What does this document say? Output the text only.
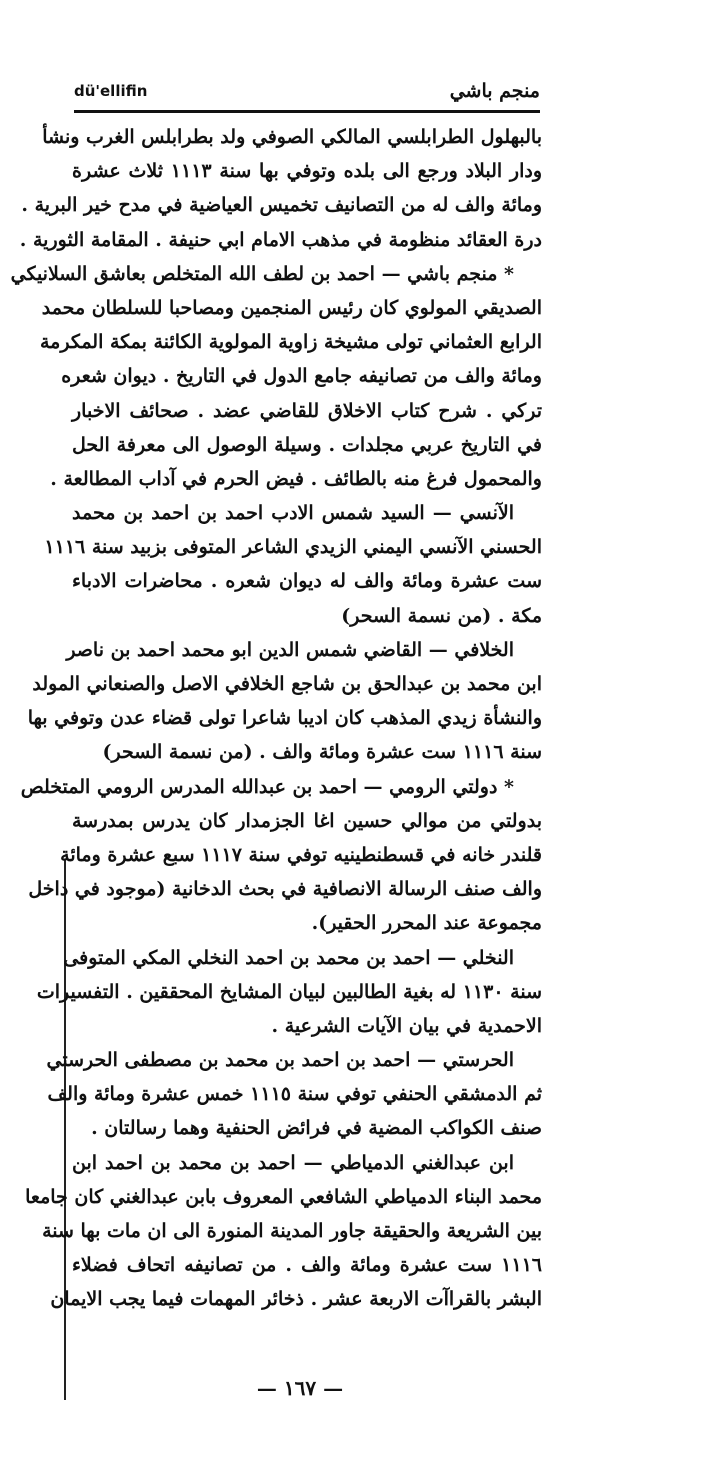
dü'ellifin	منجم باشي
بالبهلول الطرابلسي المالكي الصوفي ولد بطرابلس الغرب ونشأ
ودار البلاد ورجع الى بلده وتوفي بها سنة ١١١٣ ثلاث عشرة
ومائة والف له من التصانيف تخميس العياضية في مدح خير البرية .
درة العقائد منظومة في مذهب الامام ابي حنيفة . المقامة الثورية .
* منجم باشي — احمد بن لطف الله المتخلص بعاشق السلانيكي
الصديقي المولوي كان رئيس المنجمين ومصاحبا للسلطان محمد
الرابع العثماني تولى مشيخة زاوية المولوية الكائنة بمكة المكرمة
ومائة والف من تصانيفه جامع الدول في التاريخ . ديوان شعره
تركي . شرح كتاب الاخلاق للقاضي عضد . صحائف الاخبار
في التاريخ عربي مجلدات . وسيلة الوصول الى معرفة الحل
والمحمول فرغ منه بالطائف . فيض الحرم في آداب المطالعة .
الآنسي — السيد شمس الادب احمد بن احمد بن محمد
الحسني الآنسي اليمني الزيدي الشاعر المتوفى بزبيد سنة ١١١٦
ست عشرة ومائة والف له ديوان شعره . محاضرات الادباء
مكة . (من نسمة السحر)
الخلافي — القاضي شمس الدين ابو محمد احمد بن ناصر
ابن محمد بن عبدالحق بن شاجع الخلافي الاصل والصنعاني المولد
والنشأة زيدي المذهب كان اديبا شاعرا تولى قضاء عدن وتوفي بها
سنة ١١١٦ ست عشرة ومائة والف . (من نسمة السحر)
* دولتي الرومي — احمد بن عبدالله المدرس الرومي المتخلص
بدولتي من موالي حسين اغا الجزمدار كان يدرس بمدرسة
قلندر خانه في قسطنطينيه توفي سنة ١١١٧ سبع عشرة ومائة
والف صنف الرسالة الانصافية في بحث الدخانية (موجود في داخل
مجموعة عند المحرر الحقير).
النخلي — احمد بن محمد بن احمد النخلي المكي المتوفى
سنة ١١٣٠ له بغية الطالبين لبيان المشايخ المحققين . التفسيرات
الاحمدية في بيان الآيات الشرعية .
الحرستي — احمد بن احمد بن محمد بن مصطفى الحرستي
ثم الدمشقي الحنفي توفي سنة ١١١٥ خمس عشرة ومائة والف
صنف الكواكب المضية في فرائض الحنفية وهما رسالتان .
ابن عبدالغني الدمياطي — احمد بن محمد بن احمد ابن
محمد البناء الدمياطي الشافعي المعروف بابن عبدالغني كان جامعا
بين الشريعة والحقيقة جاور المدينة المنورة الى ان مات بها سنة
١١١٦ ست عشرة ومائة والف . من تصانيفه اتحاف فضلاء
البشر بالقراآت الاربعة عشر . ذخائر المهمات فيما يجب الايمان
— ١٦٧ —
